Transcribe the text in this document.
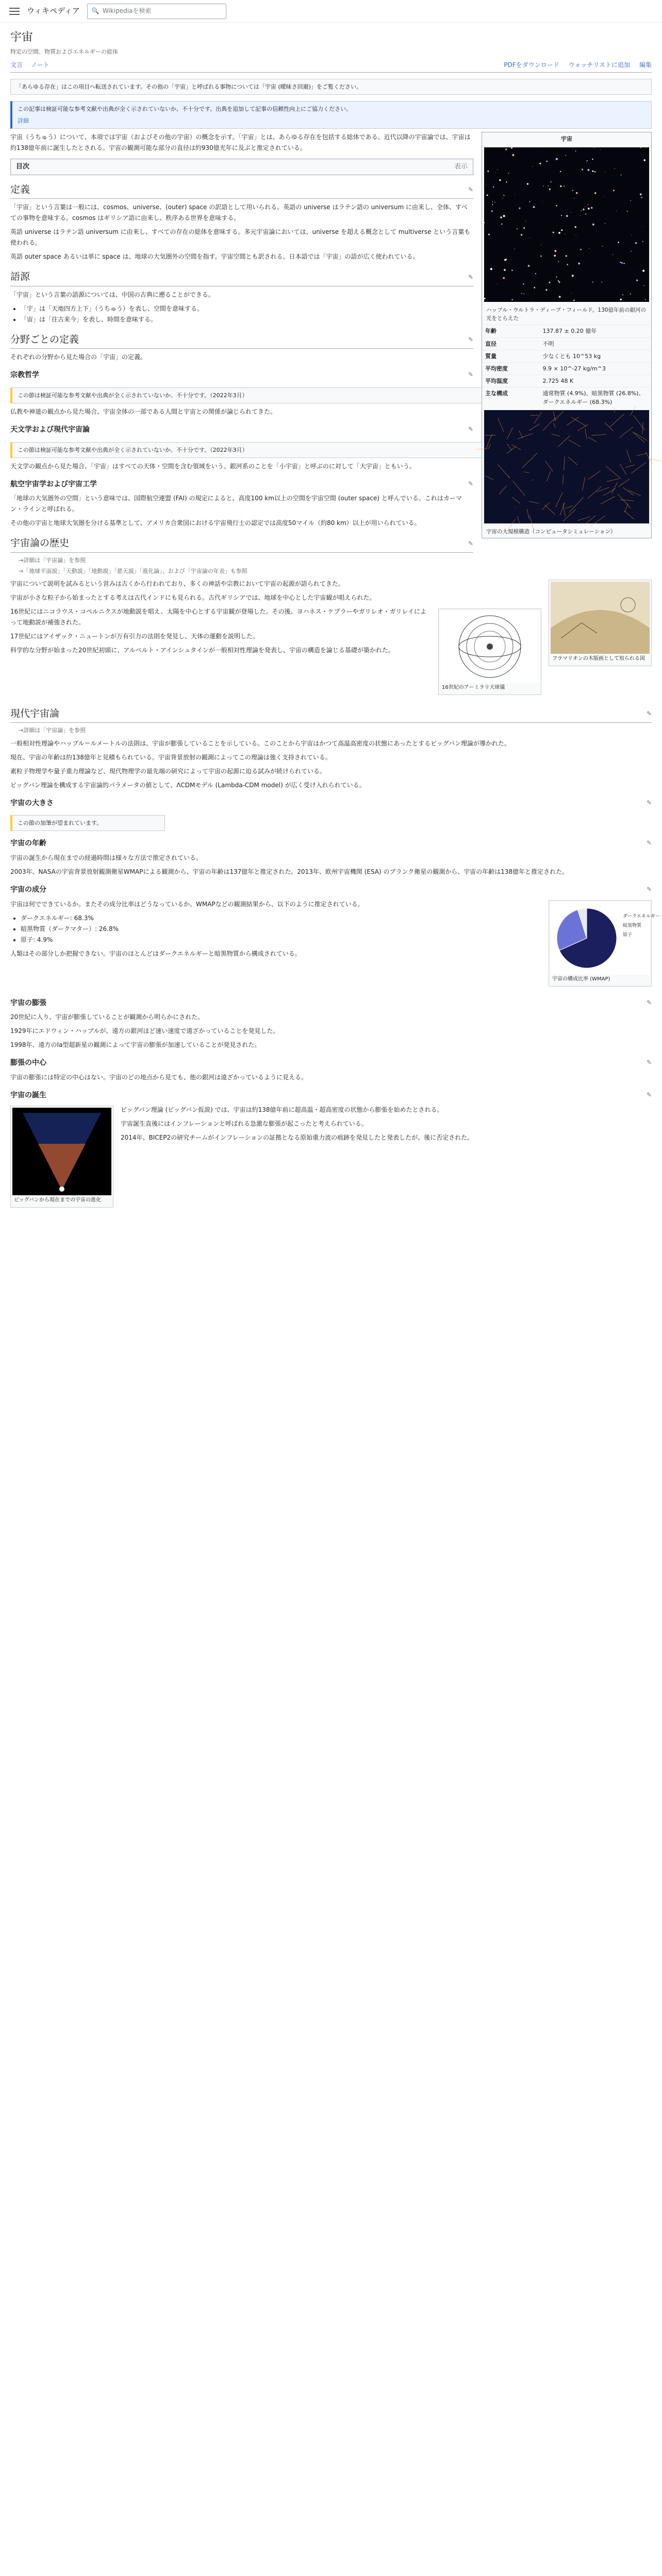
ウィキペディア 🔍 Wikipediaを検索
宇宙
特定の空間、物質およびエネルギーの総体
文言 ノート	PDFをダウンロード ウォッチリストに追加 編集
「あらゆる存在」はこの項目へ転送されています。その他の「宇宙」と呼ばれる事物については「宇宙 (曖昧さ回避)」をご覧ください。
この記事は検証可能な参考文献や出典が全く示されていないか、不十分です。出典を追加して記事の信頼性向上にご協力ください。
詳細
宇宙
ハッブル・ウルトラ・ディープ・フィールド。130億年前の銀河の光をとらえた
年齢	137.87 ± 0.20 億年
直径	不明
質量	少なくとも 10^53 kg
平均密度	9.9 × 10^-27 kg/m^3
平均温度	2.725 48 K
主な構成	通常物質 (4.9%)、暗黒物質 (26.8%)、ダークエネルギー (68.3%)
宇宙の大規模構造（コンピュータシミュレーション）

宇宙（うちゅう）について、本項では宇宙（およびその他の宇宙）の概念を示す。「宇宙」とは、あらゆる存在を包括する総体である。近代以降の宇宙論では、宇宙は約138億年前に誕生したとされる。宇宙の観測可能な部分の直径は約930億光年に及ぶと推定されている。

目次	表示
定義	✎

「宇宙」という言葉は一般には、cosmos、universe、(outer) space の訳語として用いられる。英語の universe はラテン語の universum に由来し、全体、すべての事物を意味する。cosmos はギリシア語に由来し、秩序ある世界を意味する。

英語 universe はラテン語 universum に由来し、すべての存在の総体を意味する。多元宇宙論においては、universe を超える概念として multiverse という言葉も使われる。

英語 outer space あるいは単に space は、地球の大気圏外の空間を指す。宇宙空間とも訳される。日本語では「宇宙」の語が広く使われている。

語源	✎

「宇宙」という言葉の語源については、中国の古典に遡ることができる。

• 「宇」は「天地四方上下」（うちゅう）を表し、空間を意味する。
• 「宙」は「往古来今」を表し、時間を意味する。
分野ごとの定義	✎

それぞれの分野から見た場合の「宇宙」の定義。

宗教哲学	✎
この節は検証可能な参考文献や出典が全く示されていないか、不十分です。（2022年3月）

仏教や神道の観点から見た場合、宇宙全体の一部である人間と宇宙との関係が論じられてきた。

天文学および現代宇宙論	✎
この節は検証可能な参考文献や出典が全く示されていないか、不十分です。（2022年3月）

天文学の観点から見た場合、「宇宙」はすべての天体・空間を含む領域をいう。銀河系のことを「小宇宙」と呼ぶのに対して「大宇宙」ともいう。

航空宇宙学および宇宙工学	✎

「地球の大気圏外の空間」という意味では、国際航空連盟 (FAI) の規定によると、高度100 km以上の空間を宇宙空間 (outer space) と呼んでいる。これはカーマン・ラインと呼ばれる。

その他の宇宙と地球大気圏を分ける基準として、アメリカ合衆国における宇宙飛行士の認定では高度50マイル（約80 km）以上が用いられている。

宇宙論の歴史	✎
→詳細は「宇宙論」を参照
→「地球平面説」「天動説」「地動説」「慈天説」「進化論」、および「宇宙論の年表」も参照
フラマリオンの木版画として知られる図

宇宙について説明を試みるという営みは古くから行われており、多くの神話や宗教において宇宙の起源が語られてきた。

宇宙が小さな粒子から始まったとする考えは古代インドにも見られる。古代ギリシアでは、地球を中心とした宇宙観が唱えられた。

16世紀のアーミラリ天球儀

16世紀にはニコラウス・コペルニクスが地動説を唱え、太陽を中心とする宇宙観が登場した。その後、ヨハネス・ケプラーやガリレオ・ガリレイによって地動説が補強された。

17世紀にはアイザック・ニュートンが万有引力の法則を発見し、天体の運動を説明した。

科学的な分野が始まった20世紀初頭に、アルベルト・アインシュタインが一般相対性理論を発表し、宇宙の構造を論じる基礎が築かれた。

現代宇宙論	✎
→詳細は「宇宙論」を参照

一般相対性理論やハッブル＝ルメートルの法則は、宇宙が膨張していることを示している。このことから宇宙はかつて高温高密度の状態にあったとするビッグバン理論が導かれた。

現在、宇宙の年齢は約138億年と見積もられている。宇宙背景放射の観測によってこの理論は強く支持されている。

素粒子物理学や量子重力理論など、現代物理学の最先端の研究によって宇宙の起源に迫る試みが続けられている。

ビッグバン理論を構成する宇宙論的パラメータの値として、ΛCDMモデル (Lambda-CDM model) が広く受け入れられている。

宇宙の大きさ	✎
この節の加筆が望まれています。
宇宙の年齢	✎

宇宙の誕生から現在までの経過時間は様々な方法で推定されている。

2003年、NASAの宇宙背景放射観測衛星WMAPによる観測から、宇宙の年齢は137億年と推定された。2013年、欧州宇宙機関 (ESA) のプランク衛星の観測から、宇宙の年齢は138億年と推定された。

宇宙の成分	✎
ダークエネルギー
暗黒物質
原子
宇宙の構成比率 (WMAP)

宇宙は何でできているか。またその成分比率はどうなっているか。WMAPなどの観測結果から、以下のように推定されている。

• ダークエネルギー: 68.3%
• 暗黒物質（ダークマター）: 26.8%
• 原子: 4.9%

人類はその部分しか把握できない。宇宙のほとんどはダークエネルギーと暗黒物質から構成されている。

宇宙の膨張	✎

20世紀に入り、宇宙が膨張していることが観測から明らかにされた。

1929年にエドウィン・ハッブルが、遠方の銀河ほど速い速度で遠ざかっていることを発見した。

1998年、遠方のIa型超新星の観測によって宇宙の膨張が加速していることが発見された。

膨張の中心	✎

宇宙の膨張には特定の中心はない。宇宙のどの地点から見ても、他の銀河は遠ざかっているように見える。

宇宙の誕生	✎
ビッグバンから現在までの宇宙の進化

ビッグバン理論 (ビッグバン仮説) では、宇宙は約138億年前に超高温・超高密度の状態から膨張を始めたとされる。

宇宙誕生直後にはインフレーションと呼ばれる急激な膨張が起こったと考えられている。

2014年、BICEP2の研究チームがインフレーションの証拠となる原始重力波の痕跡を発見したと発表したが、後に否定された。
